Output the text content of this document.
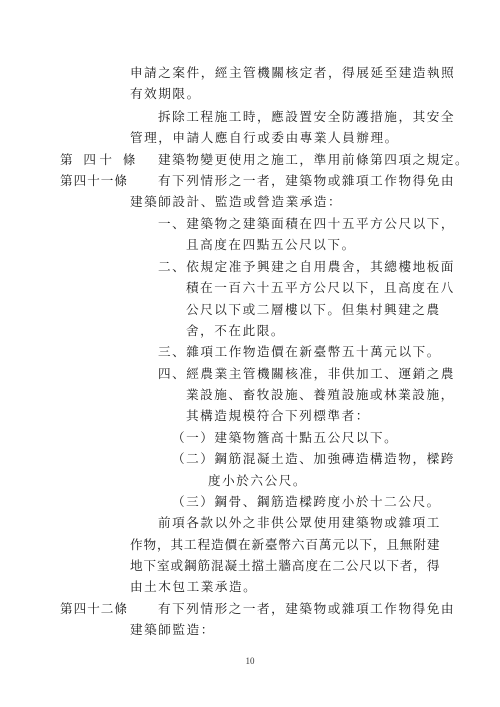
申請之案件，經主管機關核定者，得展延至建造執照
有效期限。
拆除工程施工時，應設置安全防護措施，其安全
管理，申請人應自行或委由專業人員辦理。
第 四十 條 建築物變更使用之施工，準用前條第四項之規定。
第四十一條 有下列情形之一者，建築物或雜項工作物得免由
建築師設計、監造或營造業承造：
一、建築物之建築面積在四十五平方公尺以下，
且高度在四點五公尺以下。
二、依規定准予興建之自用農舍，其總樓地板面
積在一百六十五平方公尺以下，且高度在八
公尺以下或二層樓以下。但集村興建之農
舍，不在此限。
三、雜項工作物造價在新臺幣五十萬元以下。
四、經農業主管機關核准，非供加工、運銷之農
業設施、畜牧設施、養殖設施或林業設施，
其構造規模符合下列標準者：
（一）建築物簷高十點五公尺以下。
（二）鋼筋混凝土造、加強磚造構造物，樑跨
度小於六公尺。
（三）鋼骨、鋼筋造樑跨度小於十二公尺。
前項各款以外之非供公眾使用建築物或雜項工
作物，其工程造價在新臺幣六百萬元以下，且無附建
地下室或鋼筋混凝土擋土牆高度在二公尺以下者，得
由土木包工業承造。
第四十二條 有下列情形之一者，建築物或雜項工作物得免由
建築師監造：
10
